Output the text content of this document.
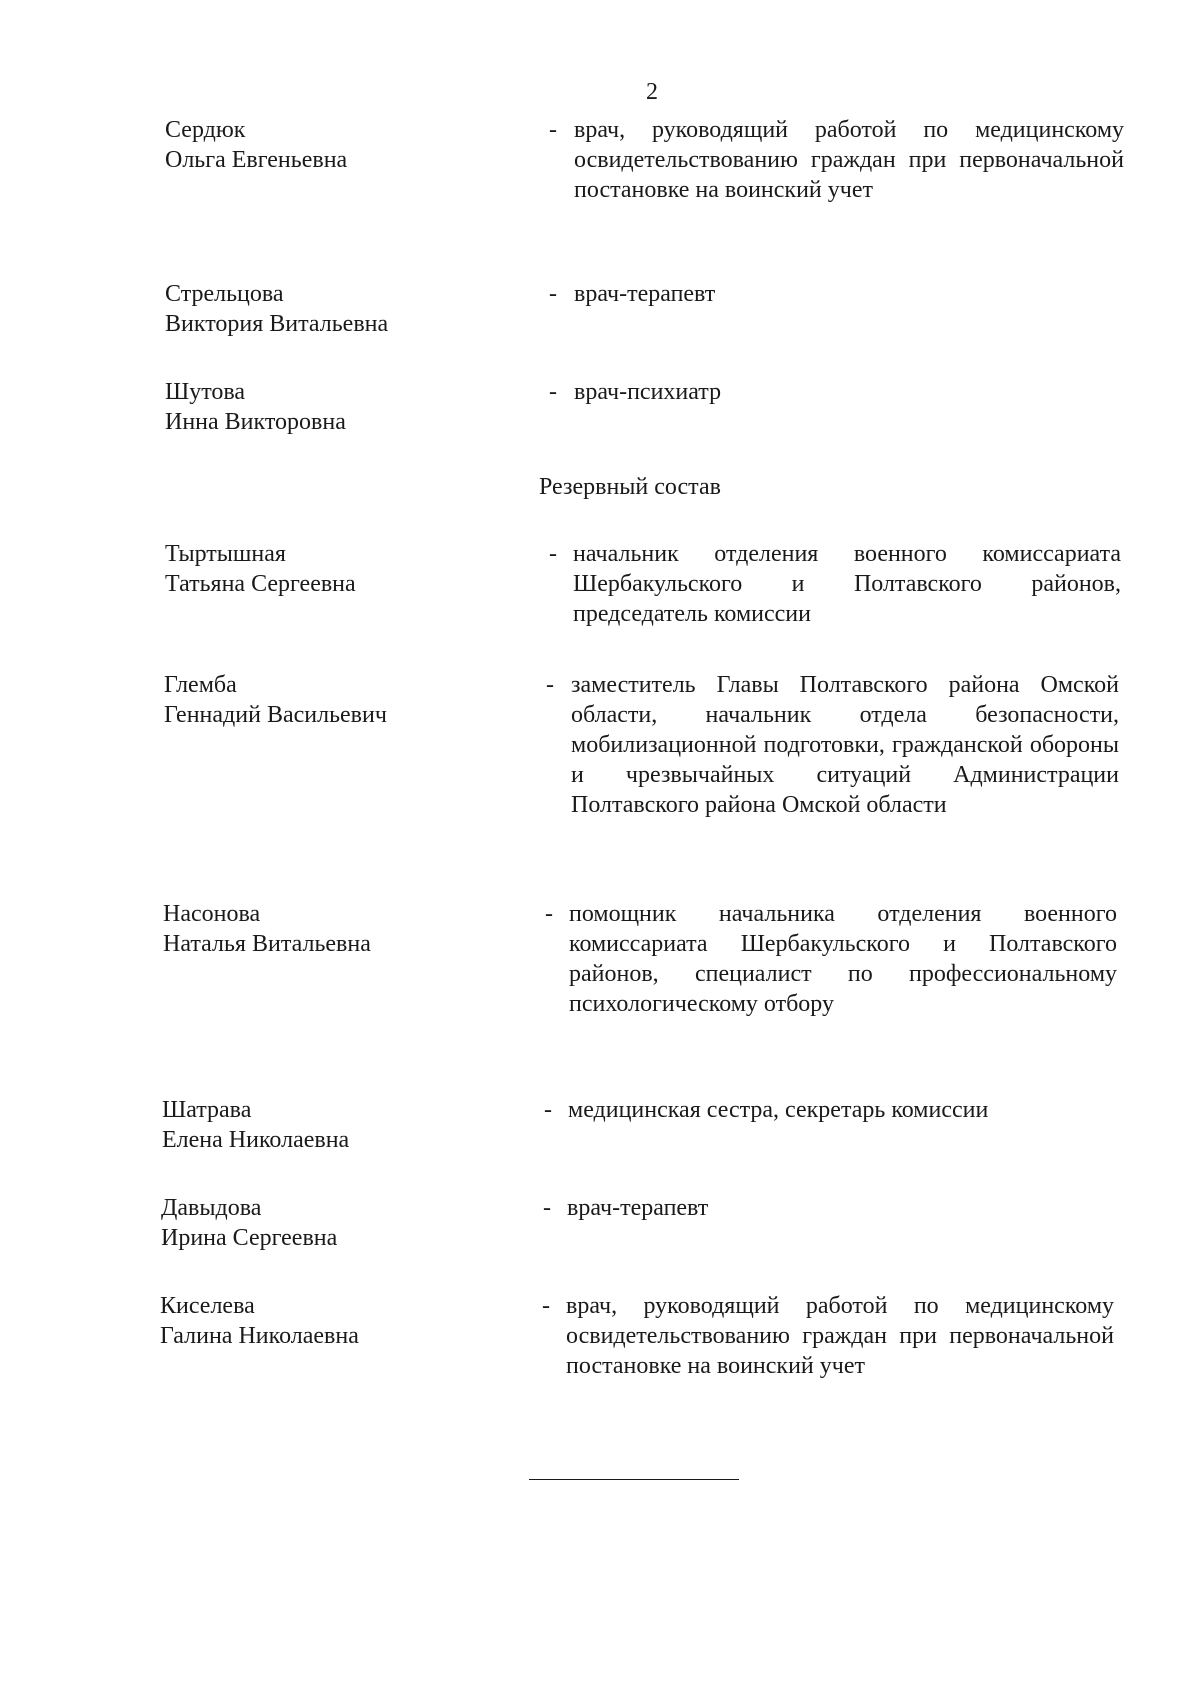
2
Сердюк
Ольга Евгеньевна
- врач, руководящий работой по медицинскому освидетельствованию граждан при первоначальной постановке на воинский учет
Стрельцова
Виктория Витальевна
- врач-терапевт
Шутова
Инна Викторовна
- врач-психиатр
Резервный состав
Тыртышная
Татьяна Сергеевна
- начальник отделения военного комиссариата Шербакульского и Полтавского районов, председатель комиссии
Глемба
Геннадий Васильевич
- заместитель Главы Полтавского района Омской области, начальник отдела безопасности, мобилизационной подготовки, гражданской обороны и чрезвычайных ситуаций Администрации Полтавского района Омской области
Насонова
Наталья Витальевна
- помощник начальника отделения военного комиссариата Шербакульского и Полтавского районов, специалист по профессиональному психологическому отбору
Шатрава
Елена Николаевна
- медицинская сестра, секретарь комиссии
Давыдова
Ирина Сергеевна
- врач-терапевт
Киселева
Галина Николаевна
- врач, руководящий работой по медицинскому освидетельствованию граждан при первоначальной постановке на воинский учет
